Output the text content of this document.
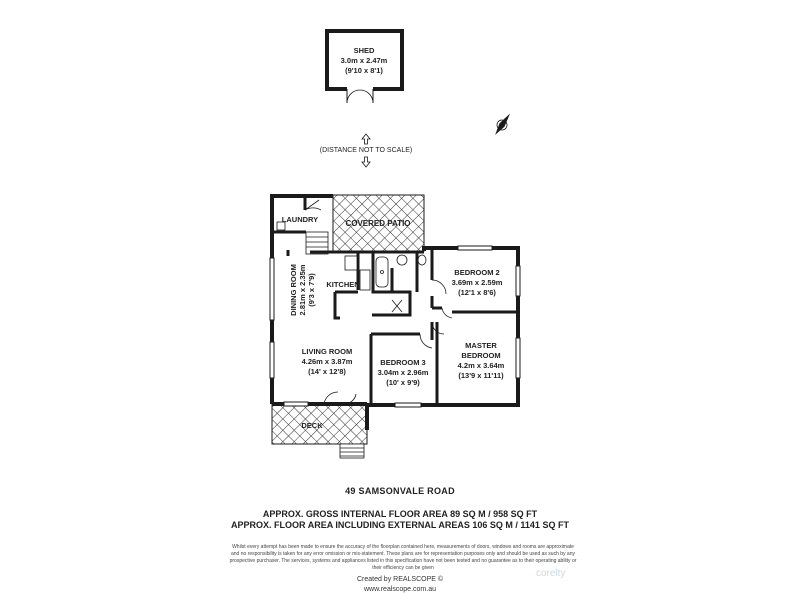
SHED
3.0m x 2.47m
(9'10 x 8'1)
(DISTANCE NOT TO SCALE)
N
LAUNDRY	COVERED PATIO
DINING ROOM 2.81m x 2.35m (9'3 x 7'9) KITCHEN
BEDROOM 2
3.69m x 2.59m
(12'1 x 8'6)
MASTER
BEDROOM
4.2m x 3.64m
(13'9 x 11'11)
LIVING ROOM
4.26m x 3.87m
(14' x 12'8)
BEDROOM 3
3.04m x 2.96m
(10' x 9'9)
DECK
49 SAMSONVALE ROAD
APPROX. GROSS INTERNAL FLOOR AREA 89 SQ M / 958 SQ FT
APPROX. FLOOR AREA INCLUDING EXTERNAL AREAS 106 SQ M / 1141 SQ FT
Whilst every attempt has been made to ensure the accuracy of the floorplan contained here, measurements of doors, windows and rooms are approximate and no responsibility is taken for any error omission or mis-statement. These plans are for representation purposes only and should be used as such by any prospective purchaser. The services, systems and appliances listed in this specification have not been tested and no guarantee as to their operating ability or their efficiency can be given
Created by REALSCOPE ©
www.realscope.com.au
corelty
